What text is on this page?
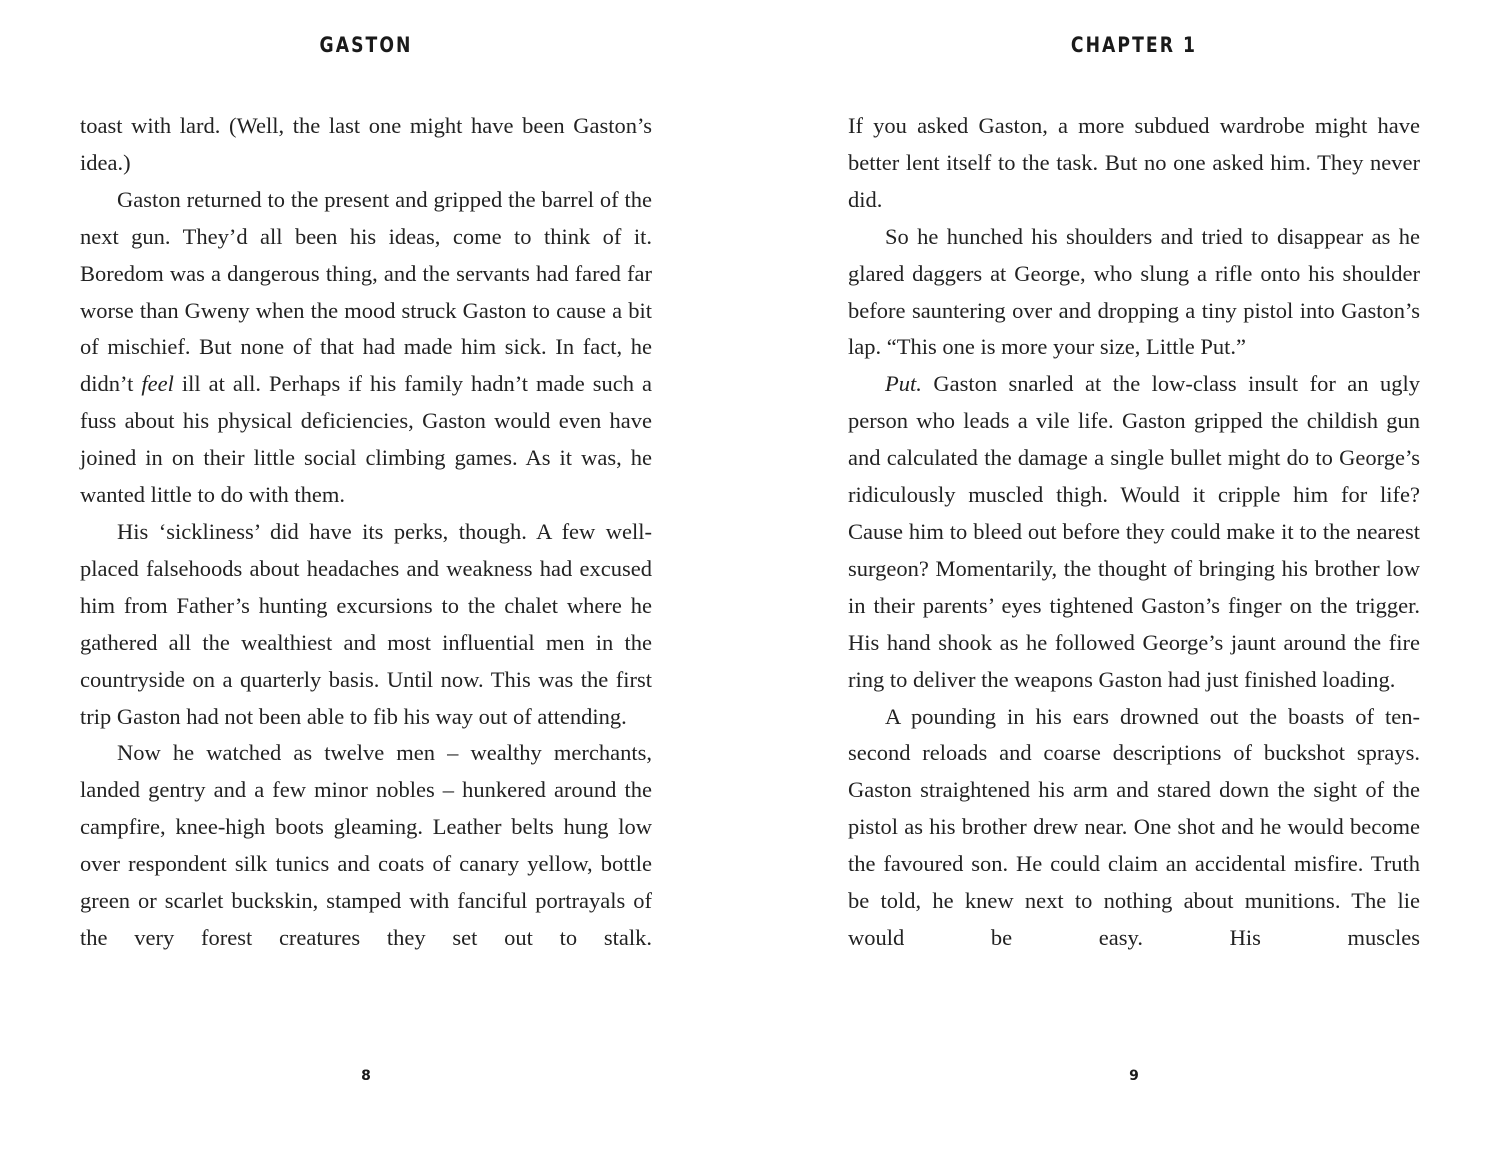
GASTON

toast with lard. (Well, the last one might have been Gaston’s idea.)

Gaston returned to the present and gripped the barrel of the next gun. They’d all been his ideas, come to think of it. Boredom was a dangerous thing, and the servants had fared far worse than Gweny when the mood struck Gaston to cause a bit of mischief. But none of that had made him sick. In fact, he didn’t feel ill at all. Perhaps if his family hadn’t made such a fuss about his physical deficiencies, Gaston would even have joined in on their little social climbing games. As it was, he wanted little to do with them.

His ‘sickliness’ did have its perks, though. A few well-placed falsehoods about headaches and weakness had excused him from Father’s hunting excursions to the chalet where he gathered all the wealthiest and most influential men in the countryside on a quarterly basis. Until now. This was the first trip Gaston had not been able to fib his way out of attending.

Now he watched as twelve men – wealthy merchants, landed gentry and a few minor nobles – hunkered around the campfire, knee-high boots gleaming. Leather belts hung low over respondent silk tunics and coats of canary yellow, bottle green or scarlet buckskin, stamped with fanciful portrayals of the very forest creatures they set out to stalk.

8
CHAPTER 1

If you asked Gaston, a more subdued wardrobe might have better lent itself to the task. But no one asked him. They never did.

So he hunched his shoulders and tried to disappear as he glared daggers at George, who slung a rifle onto his shoulder before sauntering over and dropping a tiny pistol into Gaston’s lap. “This one is more your size, Little Put.”

Put. Gaston snarled at the low-class insult for an ugly person who leads a vile life. Gaston gripped the childish gun and calculated the damage a single bullet might do to George’s ridiculously muscled thigh. Would it cripple him for life? Cause him to bleed out before they could make it to the nearest surgeon? Momentarily, the thought of bringing his brother low in their parents’ eyes tightened Gaston’s finger on the trigger. His hand shook as he followed George’s jaunt around the fire ring to deliver the weapons Gaston had just finished loading.

A pounding in his ears drowned out the boasts of ten-second reloads and coarse descriptions of buckshot sprays. Gaston straightened his arm and stared down the sight of the pistol as his brother drew near. One shot and he would become the favoured son. He could claim an accidental misfire. Truth be told, he knew next to nothing about munitions. The lie would be easy. His muscles

9
